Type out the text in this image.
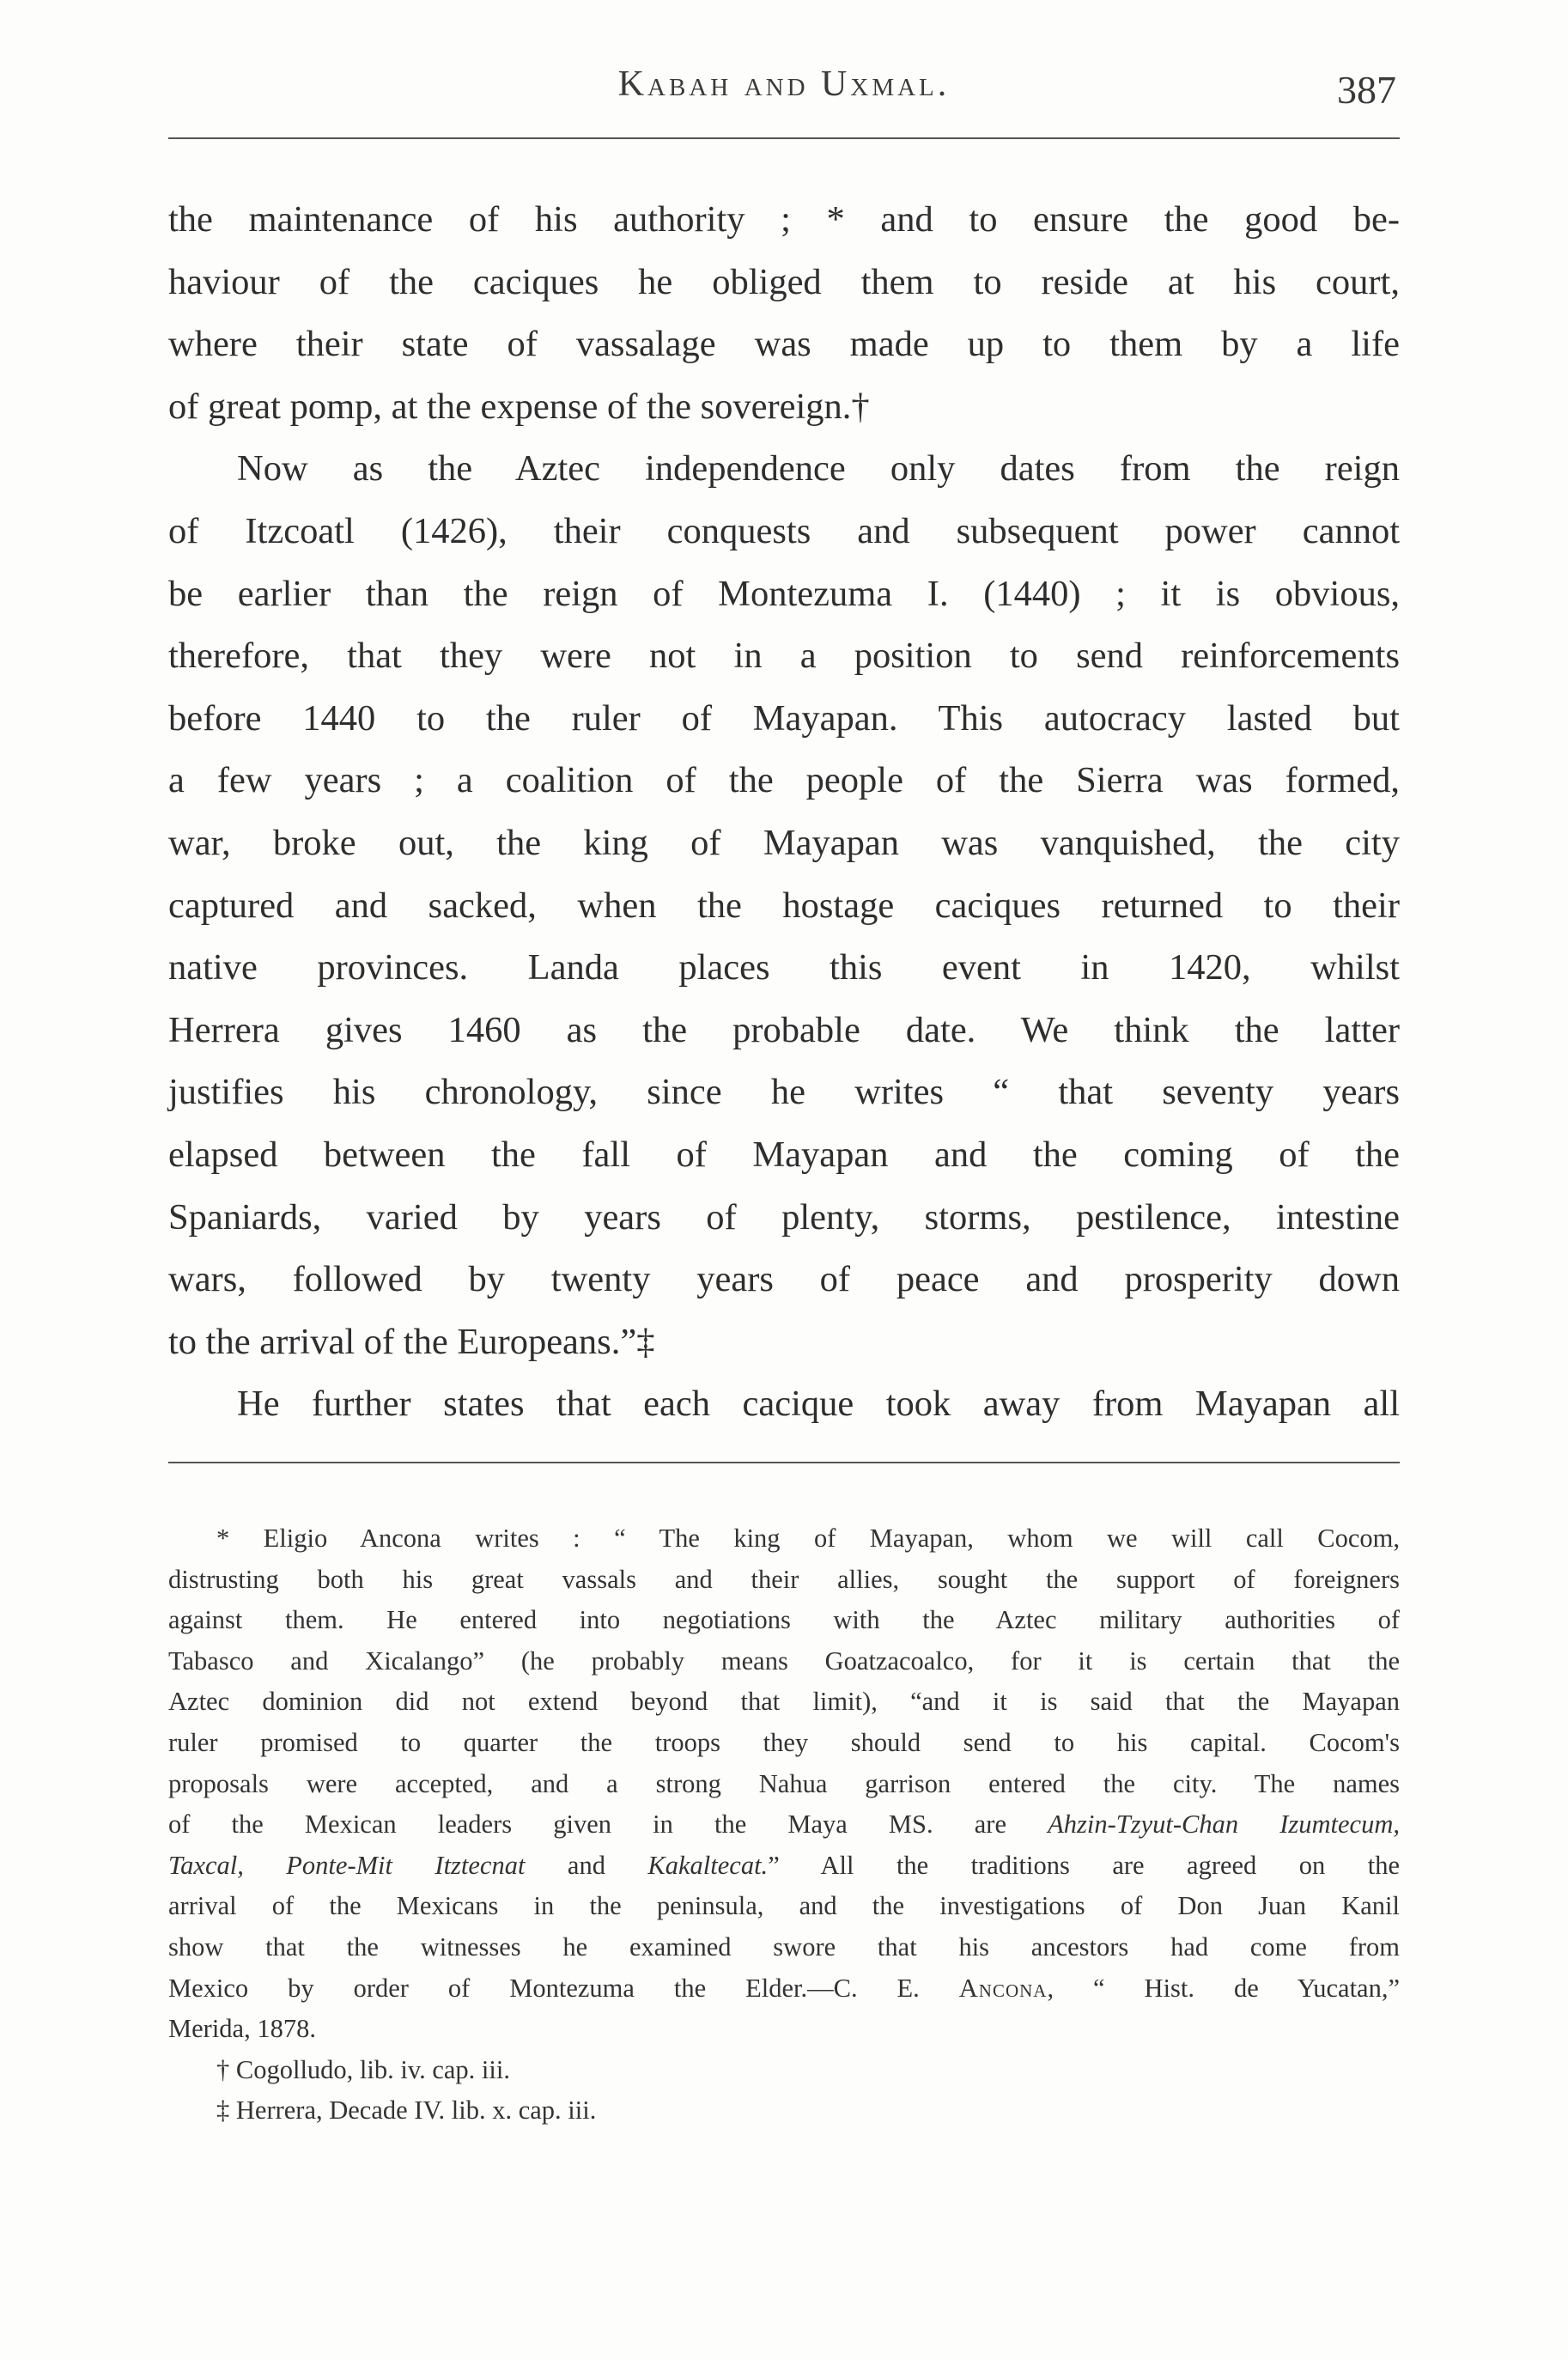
Kabah and Uxmal.	387

the maintenance of his authority ; * and to ensure the good be-
haviour of the caciques he obliged them to reside at his court,
where their state of vassalage was made up to them by a life
of great pomp, at the expense of the sovereign.†

Now as the Aztec independence only dates from the reign
of Itzcoatl (1426), their conquests and subsequent power cannot
be earlier than the reign of Montezuma I. (1440) ; it is obvious,
therefore, that they were not in a position to send reinforcements
before 1440 to the ruler of Mayapan. This autocracy lasted but
a few years ; a coalition of the people of the Sierra was formed,
war, broke out, the king of Mayapan was vanquished, the city
captured and sacked, when the hostage caciques returned to their
native provinces. Landa places this event in 1420, whilst
Herrera gives 1460 as the probable date. We think the latter
justifies his chronology, since he writes “ that seventy years
elapsed between the fall of Mayapan and the coming of the
Spaniards, varied by years of plenty, storms, pestilence, intestine
wars, followed by twenty years of peace and prosperity down
to the arrival of the Europeans.”‡

He further states that each cacique took away from Mayapan all

* Eligio Ancona writes : “ The king of Mayapan, whom we will call Cocom,
distrusting both his great vassals and their allies, sought the support of foreigners
against them. He entered into negotiations with the Aztec military authorities of
Tabasco and Xicalango” (he probably means Goatzacoalco, for it is certain that the
Aztec dominion did not extend beyond that limit), “and it is said that the Mayapan
ruler promised to quarter the troops they should send to his capital. Cocom's
proposals were accepted, and a strong Nahua garrison entered the city. The names
of the Mexican leaders given in the Maya MS. are Ahzin-Tzyut-Chan Izumtecum,
Taxcal, Ponte-Mit Itztecnat and Kakaltecat.” All the traditions are agreed on the
arrival of the Mexicans in the peninsula, and the investigations of Don Juan Kanil
show that the witnesses he examined swore that his ancestors had come from
Mexico by order of Montezuma the Elder.—C. E. Ancona, “ Hist. de Yucatan,”
Merida, 1878.
† Cogolludo, lib. iv. cap. iii.
‡ Herrera, Decade IV. lib. x. cap. iii.
